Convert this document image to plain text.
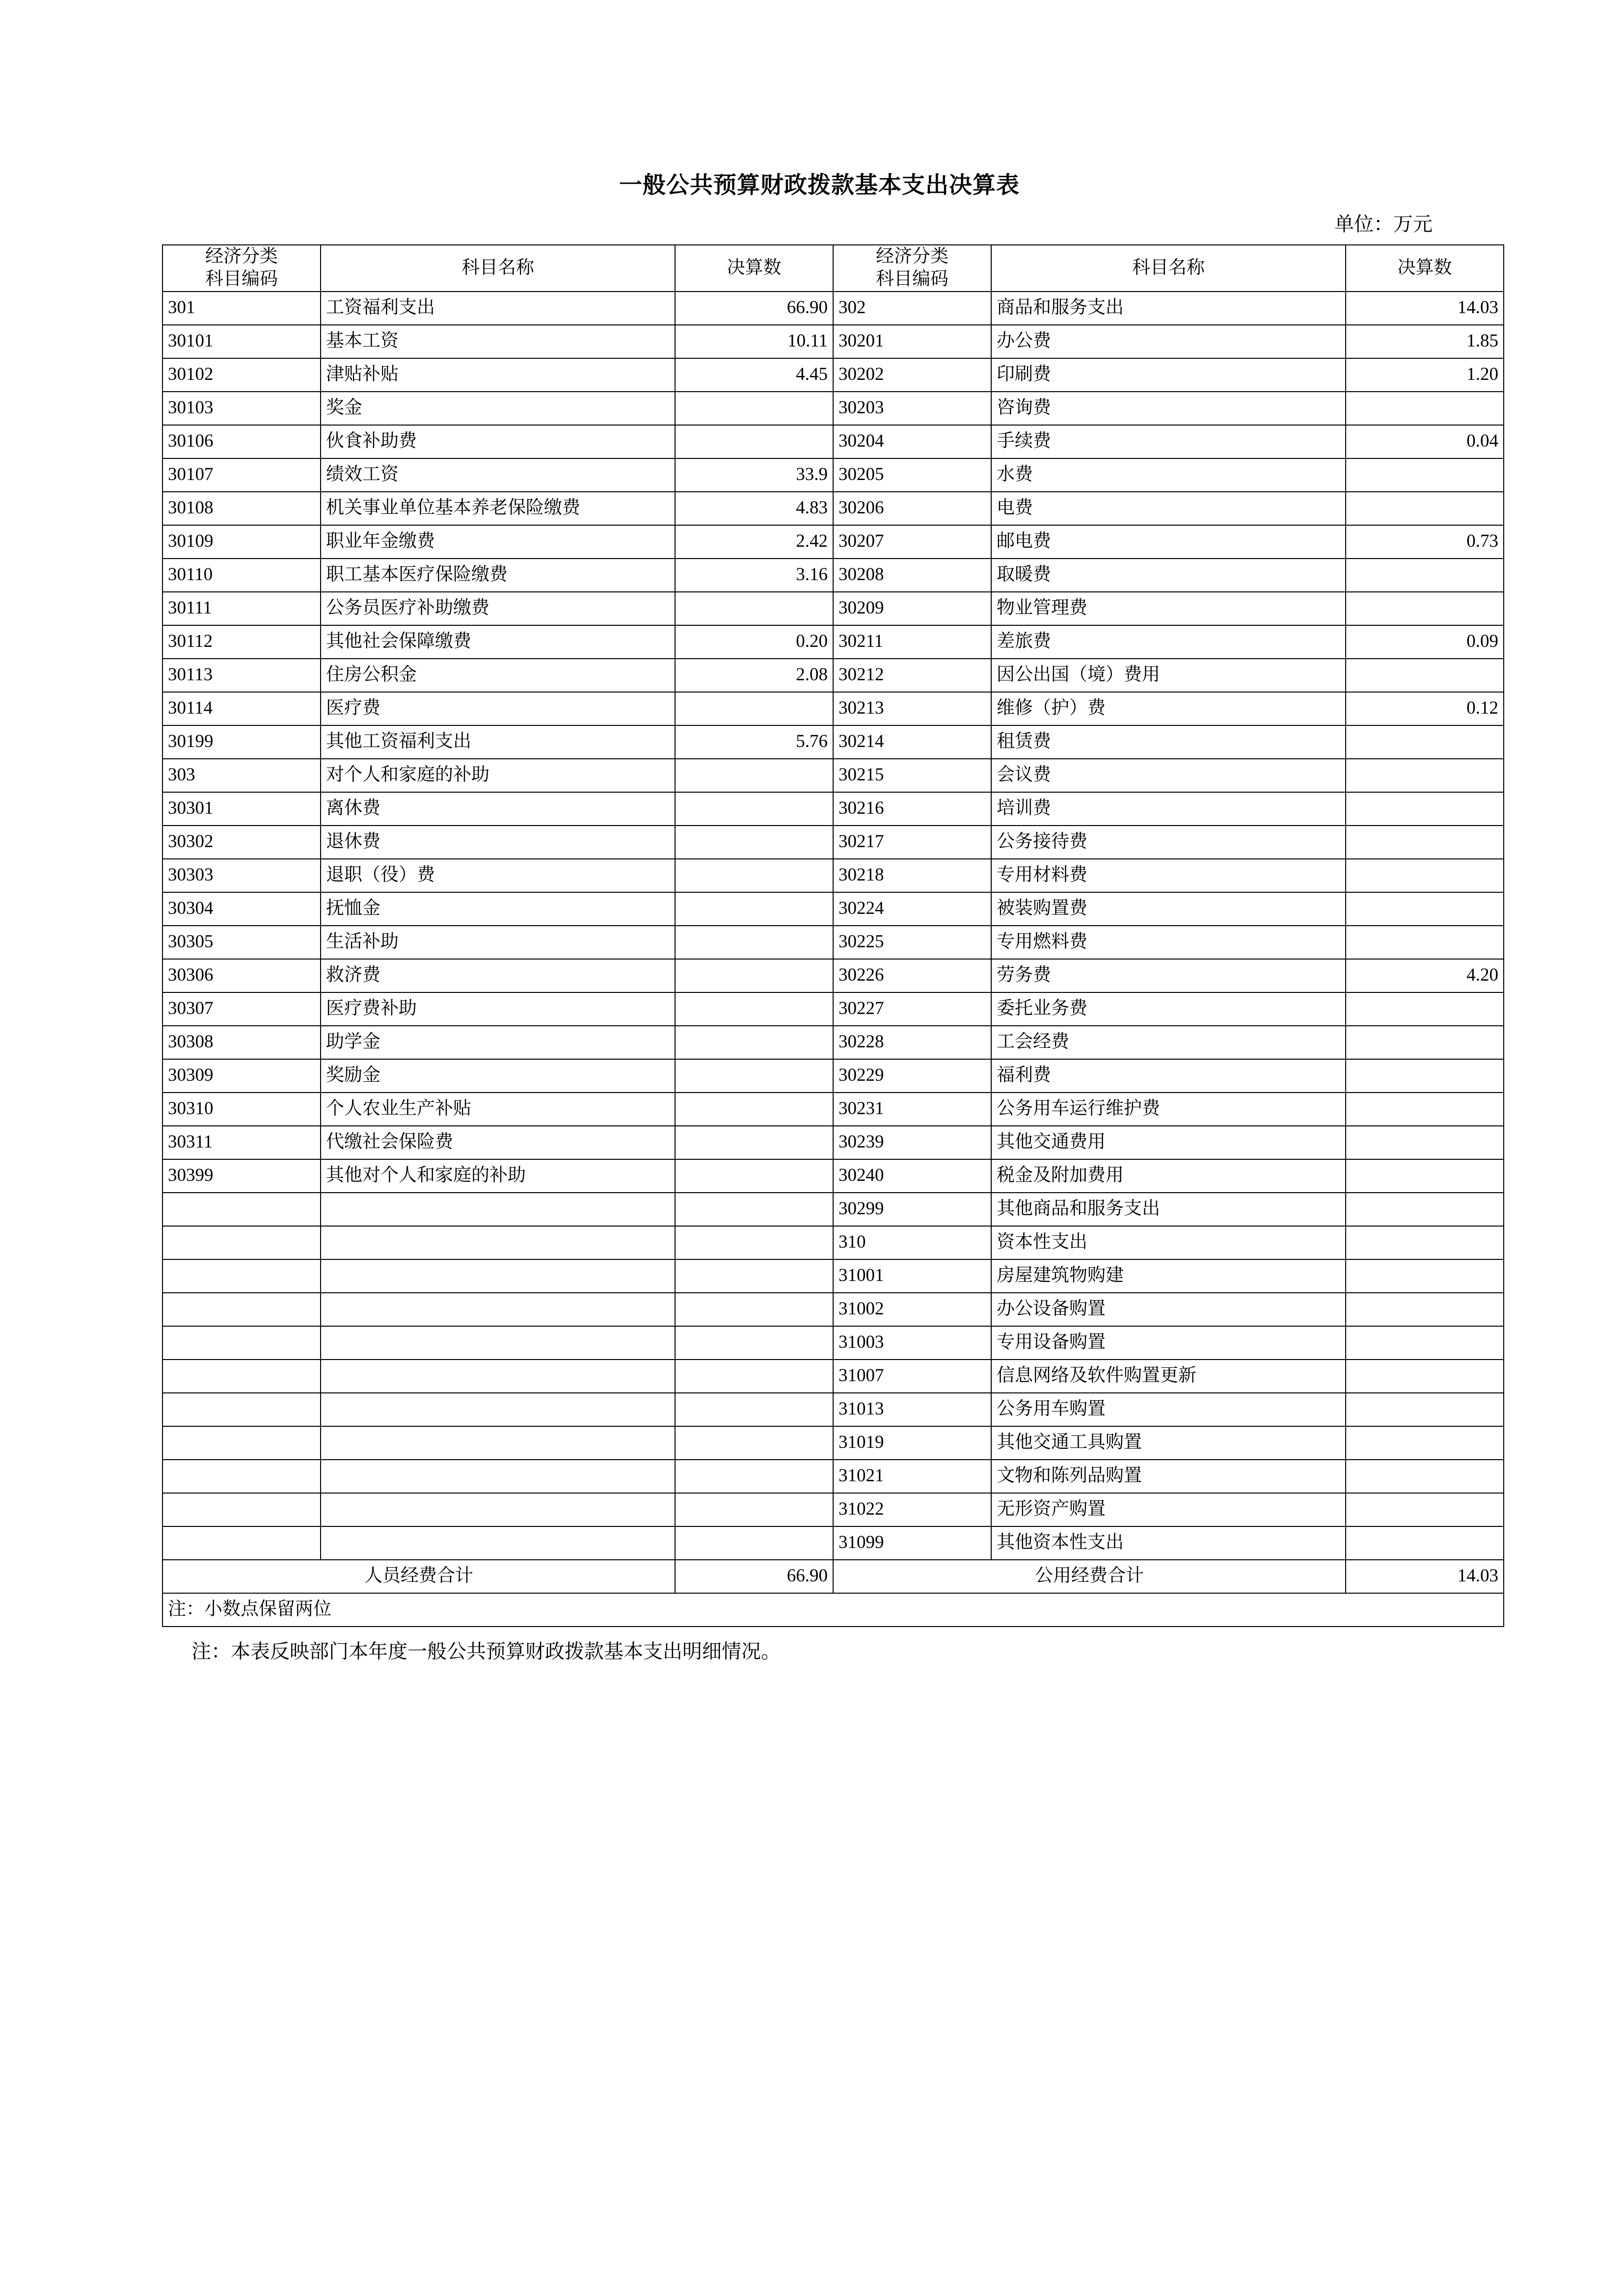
一般公共预算财政拨款基本支出决算表
单位：万元
经济分类
科目编码
	科目名称	决算数	
经济分类
科目编码
	科目名称	决算数
301	工资福利支出	66.90	302	商品和服务支出	14.03
30101	基本工资	10.11	30201	办公费	1.85
30102	津贴补贴	4.45	30202	印刷费	1.20
30103	奖金		30203	咨询费	
30106	伙食补助费		30204	手续费	0.04
30107	绩效工资	33.9	30205	水费	
30108	机关事业单位基本养老保险缴费	4.83	30206	电费	
30109	职业年金缴费	2.42	30207	邮电费	0.73
30110	职工基本医疗保险缴费	3.16	30208	取暖费	
30111	公务员医疗补助缴费		30209	物业管理费	
30112	其他社会保障缴费	0.20	30211	差旅费	0.09
30113	住房公积金	2.08	30212	因公出国（境）费用	
30114	医疗费		30213	维修（护）费	0.12
30199	其他工资福利支出	5.76	30214	租赁费	
303	对个人和家庭的补助		30215	会议费	
30301	离休费		30216	培训费	
30302	退休费		30217	公务接待费	
30303	退职（役）费		30218	专用材料费	
30304	抚恤金		30224	被装购置费	
30305	生活补助		30225	专用燃料费	
30306	救济费		30226	劳务费	4.20
30307	医疗费补助		30227	委托业务费	
30308	助学金		30228	工会经费	
30309	奖励金		30229	福利费	
30310	个人农业生产补贴		30231	公务用车运行维护费	
30311	代缴社会保险费		30239	其他交通费用	
30399	其他对个人和家庭的补助		30240	税金及附加费用	
			30299	其他商品和服务支出	
			310	资本性支出	
			31001	房屋建筑物购建	
			31002	办公设备购置	
			31003	专用设备购置	
			31007	信息网络及软件购置更新	
			31013	公务用车购置	
			31019	其他交通工具购置	
			31021	文物和陈列品购置	
			31022	无形资产购置	
			31099	其他资本性支出	
人员经费合计		66.90	公用经费合计		14.03
注：小数点保留两位					
注：本表反映部门本年度一般公共预算财政拨款基本支出明细情况。
